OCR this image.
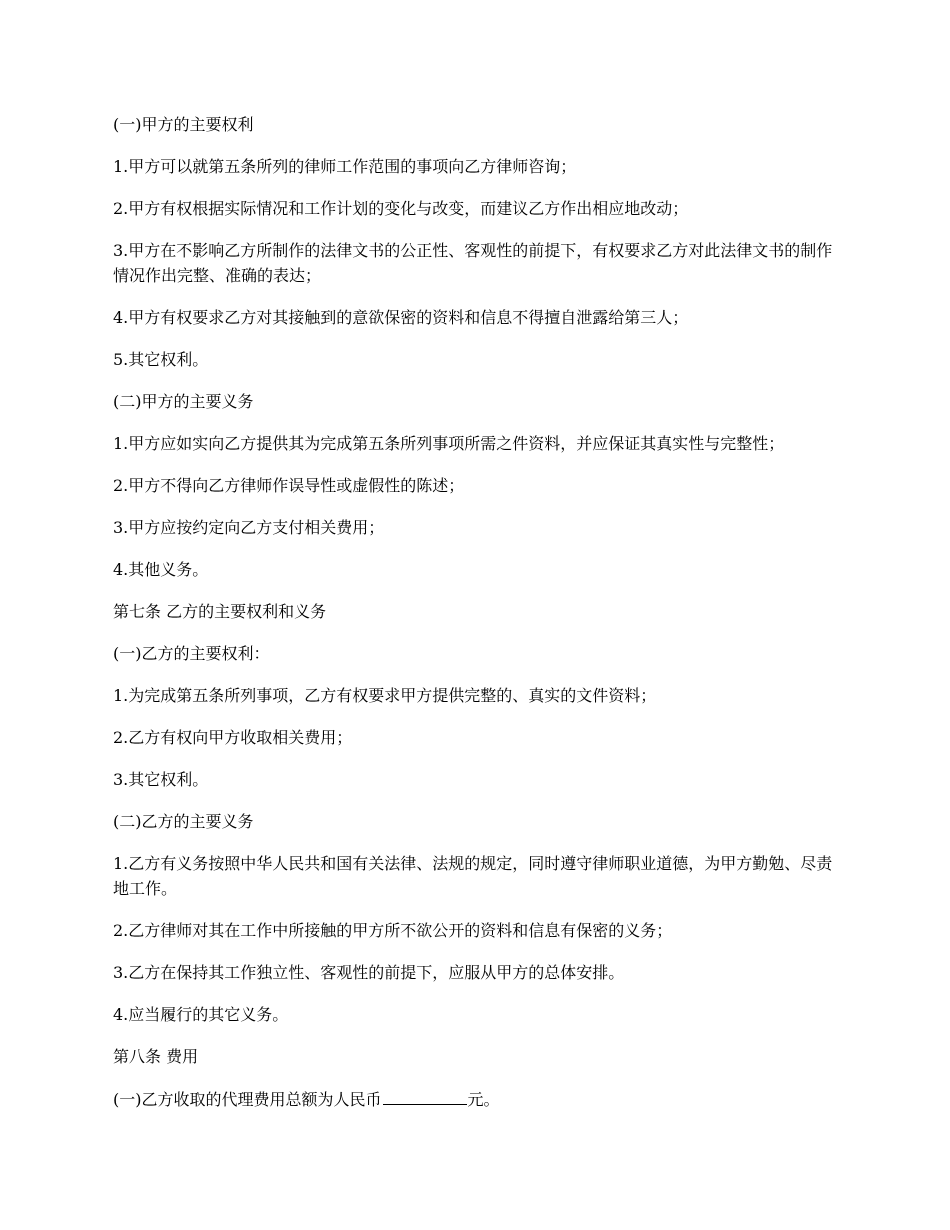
(一)甲方的主要权利

1.甲方可以就第五条所列的律师工作范围的事项向乙方律师咨询；

2.甲方有权根据实际情况和工作计划的变化与改变，而建议乙方作出相应地改动；

3.甲方在不影响乙方所制作的法律文书的公正性、客观性的前提下，有权要求乙方对此法律文书的制作情况作出完整、准确的表达；

4.甲方有权要求乙方对其接触到的意欲保密的资料和信息不得擅自泄露给第三人；

5.其它权利。

(二)甲方的主要义务

1.甲方应如实向乙方提供其为完成第五条所列事项所需之件资料，并应保证其真实性与完整性；

2.甲方不得向乙方律师作误导性或虚假性的陈述；

3.甲方应按约定向乙方支付相关费用；

4.其他义务。

第七条 乙方的主要权利和义务

(一)乙方的主要权利：

1.为完成第五条所列事项，乙方有权要求甲方提供完整的、真实的文件资料；

2.乙方有权向甲方收取相关费用；

3.其它权利。

(二)乙方的主要义务

1.乙方有义务按照中华人民共和国有关法律、法规的规定，同时遵守律师职业道德，为甲方勤勉、尽责地工作。

2.乙方律师对其在工作中所接触的甲方所不欲公开的资料和信息有保密的义务；

3.乙方在保持其工作独立性、客观性的前提下，应服从甲方的总体安排。

4.应当履行的其它义务。

第八条 费用

(一)乙方收取的代理费用总额为人民币	元。
